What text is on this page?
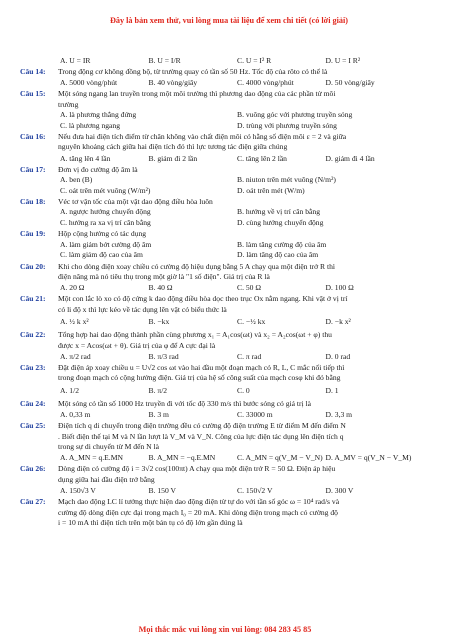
Đây là bản xem thử, vui lòng mua tài liệu để xem chi tiết (có lời giải)
A. U = IR	B. U = I/R	C. U = I² R	D. U = I R²
Câu 14:	Trong động cơ không đồng bộ, từ trường quay có tần số 50 Hz. Tốc độ của rôto có thể là
A. 5000 vòng/phút	B. 40 vòng/giây	C. 4000 vòng/phút	D. 50 vòng/giây
Câu 15:	Một sóng ngang lan truyền trong một môi trường thì phương dao động của các phần tử môi
trường
A. là phương thẳng đứng	B. vuông góc với phương truyền sóng
C. là phương ngang	D. trùng với phương truyền sóng
Câu 16:	Nếu đưa hai điện tích điểm từ chân không vào chất điện môi có hằng số điện môi ε = 2 và giữa
nguyên khoảng cách giữa hai điện tích đó thì lực tương tác điện giữa chúng
A. tăng lên 4 lần	B. giảm đi 2 lần	C. tăng lên 2 lần	D. giảm đi 4 lần
Câu 17:	Đơn vị đo cường độ âm là
A. ben (B)	B. niuton trên mét vuông (N/m²)
C. oát trên mét vuông (W/m²)	D. oát trên mét (W/m)
Câu 18:	Véc tơ vận tốc của một vật dao động điều hòa luôn
A. ngược hướng chuyển động	B. hướng về vị trí cân bằng
C. hướng ra xa vị trí cân bằng	D. cùng hướng chuyển động
Câu 19:	Hộp cộng hưởng có tác dụng
A. làm giảm bớt cường độ âm	B. làm tăng cường độ của âm
C. làm giảm độ cao của âm	D. làm tăng độ cao của âm
Câu 20:	Khi cho dòng điện xoay chiều có cường độ hiệu dụng bằng 5 A chạy qua một điện trở R thì
điện năng mà nó tiêu thụ trong một giờ là "1 số điện". Giá trị của R là
A. 20 Ω	B. 40 Ω	C. 50 Ω	D. 100 Ω
Câu 21:	Một con lắc lò xo có độ cứng k dao động điều hòa dọc theo trục Ox nằm ngang. Khi vật ở vị trí
có li độ x thì lực kéo về tác dụng lên vật có biểu thức là
A. ½ k x²	B. −kx	C. −½ kx	D. −k x²
Câu 22:	Tổng hợp hai dao động thành phần cùng phương x₁ = A₁cos(ωt) và x₂ = A₂cos(ωt + φ) thu
được x = Acos(ωt + θ). Giá trị của φ để A cực đại là
A. π/2 rad	B. π/3 rad	C. π rad	D. 0 rad
Câu 23:	Đặt điện áp xoay chiều u = U√2 cos ωt vào hai đầu một đoạn mạch có R, L, C mắc nối tiếp thì
trong đoạn mạch có cộng hưởng điện. Giá trị của hệ số công suất của mạch cosφ khi đó bằng
A. 1/2	B. π/2	C. 0	D. 1
Câu 24:	Một sóng có tần số 1000 Hz truyền đi với tốc độ 330 m/s thì bước sóng có giá trị là
A. 0,33 m	B. 3 m	C. 33000 m	D. 3,3 m
Câu 25:	Điện tích q di chuyển trong điện trường đều có cường độ điện trường E từ điểm M đến điểm N
. Biết điện thế tại M và N lần lượt là V_M và V_N. Công của lực điện tác dụng lên điện tích q
trong sự di chuyển từ M đến N là
A. A_MN = q.E.MN	B. A_MN = −q.E.MN	C. A_MN = q(V_M − V_N) D. A_MV = q(V_N − V_M)
Câu 26:	Dòng điện có cường độ i = 3√2 cos(100πt) A chạy qua một điện trở R = 50 Ω. Điện áp hiệu
dụng giữa hai đầu điện trở bằng
A. 150√3 V	B. 150 V	C. 150√2 V	D. 300 V
Câu 27:	Mạch dao động LC lí tưởng thực hiện dao động điện từ tự do với tần số góc ω = 10⁴ rad/s và
cường độ dòng điện cực đại trong mạch I₀ = 20 mA. Khi dòng điện trong mạch có cường độ
i = 10 mA thì điện tích trên một bản tụ có độ lớn gần đúng là
Mọi thắc mắc vui lòng xin vui lòng: 084 283 45 85
